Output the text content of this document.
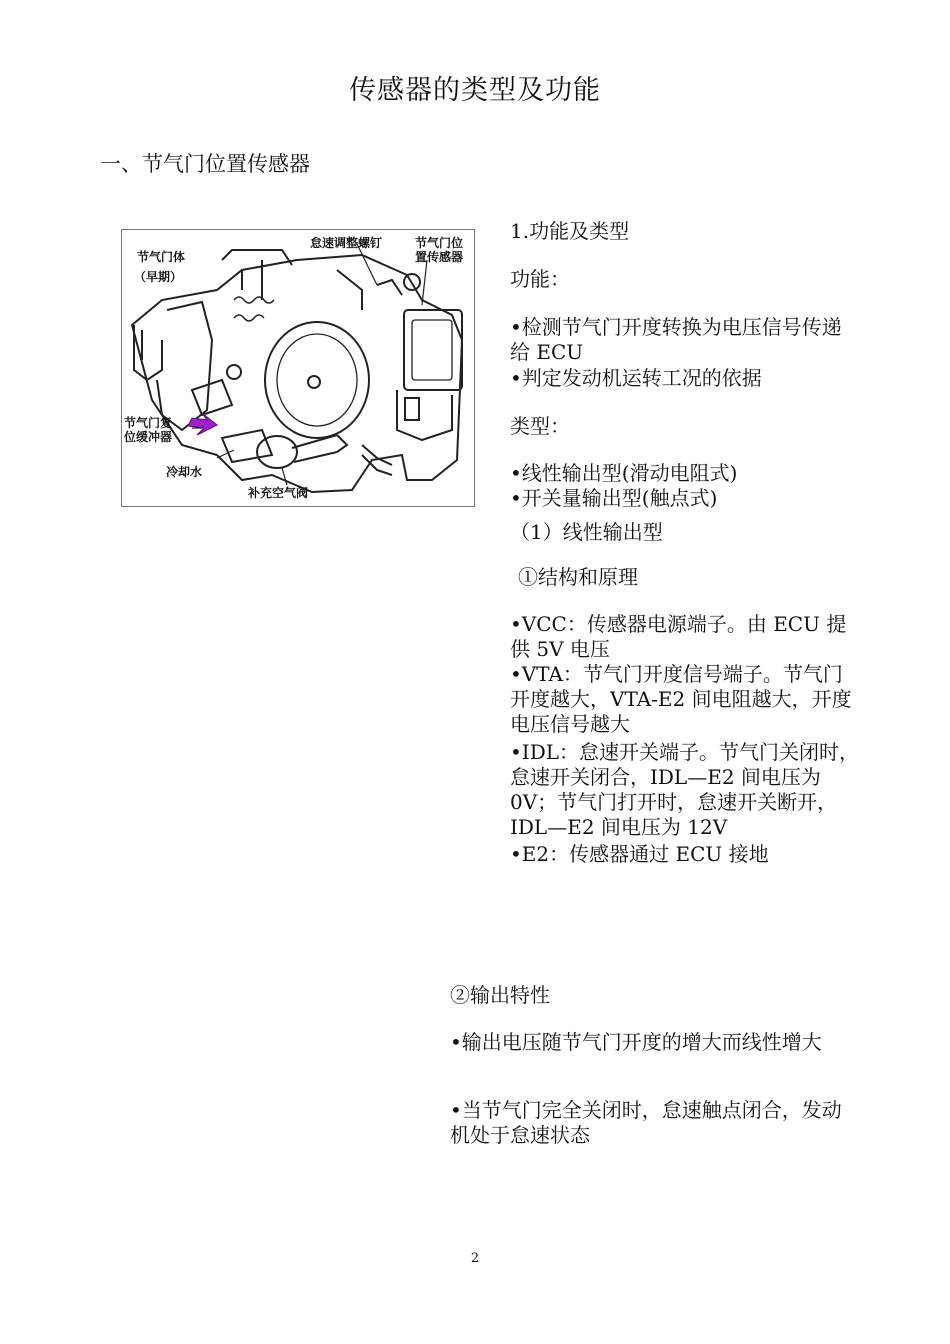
传感器的类型及功能
一、节气门位置传感器
节气门体
（早期）
怠速调整螺钉	节气门位
置传感器
节气门复
位缓冲器
冷却水
补充空气阀
1.功能及类型
功能：
•检测节气门开度转换为电压信号传递给 ECU
•判定发动机运转工况的依据
类型：
•线性输出型(滑动电阻式)
•开关量输出型(触点式)
（1）线性输出型
①结构和原理
•VCC：传感器电源端子。由 ECU 提供 5V 电压
•VTA：节气门开度信号端子。节气门开度越大，VTA-E2 间电阻越大，开度电压信号越大
•IDL：怠速开关端子。节气门关闭时，怠速开关闭合，IDL—E2 间电压为 0V；节气门打开时，怠速开关断开，IDL—E2 间电压为 12V
•E2：传感器通过 ECU 接地
②输出特性
•输出电压随节气门开度的增大而线性增大
•当节气门完全关闭时，怠速触点闭合，发动机处于怠速状态
2
